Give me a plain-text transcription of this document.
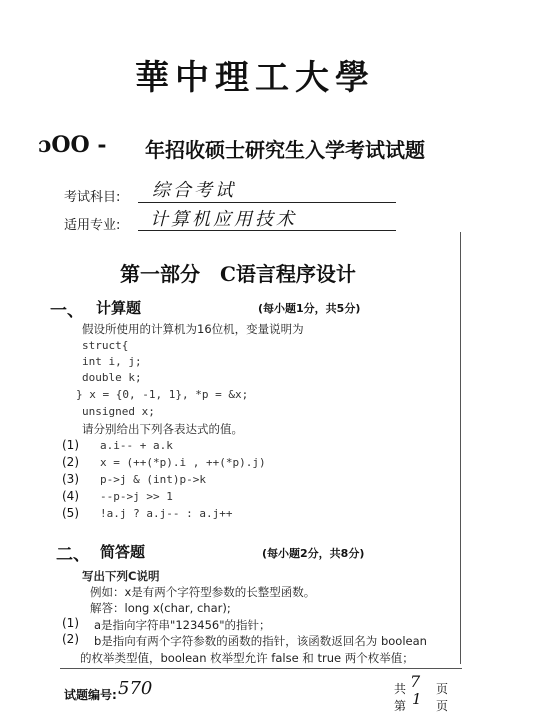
華中理工大學
ɔOO - 年招收硕士研究生入学考试试题
考试科目: 综合考试
适用专业: 计算机应用技术
第一部分　C语言程序设计
一、 计算题	(每小题1分，共5分)
假设所使用的计算机为16位机，变量说明为
struct{
int i, j;
double k;
} x = {0, -1, 1}, *p = &x;
unsigned x;
请分别给出下列各表达式的值。
(1) a.i-- + a.k
(2) x = (++(*p).i , ++(*p).j)
(3) p->j & (int)p->k
(4) --p->j >> 1
(5) !a.j ? a.j-- : a.j++
二、 简答题	(每小题2分，共8分)
写出下列C说明
例如：x是有两个字符型参数的长整型函数。
解答：long x(char, char);
(1) a是指向字符串"123456"的指针；
(2) b是指向有两个字符参数的函数的指针，该函数返回名为 boolean
的枚举类型值，boolean 枚举型允许 false 和 true 两个枚举值；
试题编号: 570	共 7 页
第 1 页
